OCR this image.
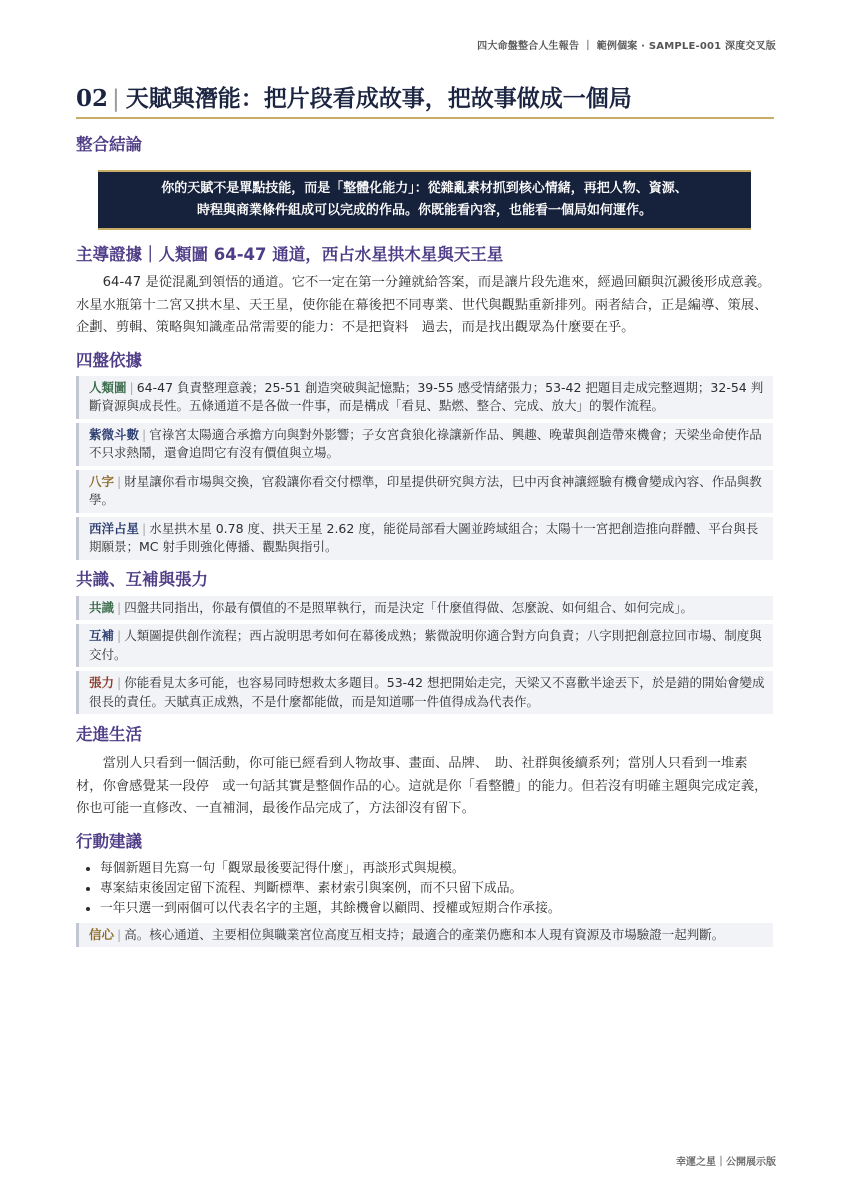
四大命盤整合人生報告 ｜ 範例個案 · SAMPLE-001 深度交叉版
02 | 天賦與潛能：把片段看成故事，把故事做成一個局
整合結論
你的天賦不是單點技能，而是「整體化能力」：從雜亂素材抓到核心情緒，再把人物、資源、
時程與商業條件組成可以完成的作品。你既能看內容，也能看一個局如何運作。
主導證據｜人類圖 64-47 通道，西占水星拱木星與天王星

64-47 是從混亂到領悟的通道。它不一定在第一分鐘就給答案，而是讓片段先進來，經過回顧與沉澱後形成意義。水星水瓶第十二宮又拱木星、天王星，使你能在幕後把不同專業、世代與觀點重新排列。兩者結合，正是編導、策展、企劃、剪輯、策略與知識產品常需要的能力：不是把資料　過去，而是找出觀眾為什麼要在乎。

四盤依據
人類圖 | 64-47 負責整理意義；25-51 創造突破與記憶點；39-55 感受情緒張力；53-42 把題目走成完整週期；32-54 判斷資源與成長性。五條通道不是各做一件事，而是構成「看見、點燃、整合、完成、放大」的製作流程。
紫微斗數 | 官祿宮太陽適合承擔方向與對外影響；子女宮貪狼化祿讓新作品、興趣、晚輩與創造帶來機會；天梁坐命使作品不只求熱鬧，還會追問它有沒有價值與立場。
八字 | 財星讓你看市場與交換，官殺讓你看交付標準，印星提供研究與方法，巳中丙食神讓經驗有機會變成內容、作品與教學。
西洋占星 | 水星拱木星 0.78 度、拱天王星 2.62 度，能從局部看大圖並跨域組合；太陽十一宮把創造推向群體、平台與長期願景；MC 射手則強化傳播、觀點與指引。
共識、互補與張力
共識 | 四盤共同指出，你最有價值的不是照單執行，而是決定「什麼值得做、怎麼說、如何組合、如何完成」。
互補 | 人類圖提供創作流程；西占說明思考如何在幕後成熟；紫微說明你適合對方向負責；八字則把創意拉回市場、制度與交付。
張力 | 你能看見太多可能，也容易同時想救太多題目。53-42 想把開始走完，天梁又不喜歡半途丟下，於是錯的開始會變成很長的責任。天賦真正成熟，不是什麼都能做，而是知道哪一件值得成為代表作。
走進生活

當別人只看到一個活動，你可能已經看到人物故事、畫面、品牌、　助、社群與後續系列；當別人只看到一堆素材，你會感覺某一段停　或一句話其實是整個作品的心。這就是你「看整體」的能力。但若沒有明確主題與完成定義，你也可能一直修改、一直補洞，最後作品完成了，方法卻沒有留下。

行動建議
• 每個新題目先寫一句「觀眾最後要記得什麼」，再談形式與規模。
• 專案結束後固定留下流程、判斷標準、素材索引與案例，而不只留下成品。
• 一年只選一到兩個可以代表名字的主題，其餘機會以顧問、授權或短期合作承接。
信心 | 高。核心通道、主要相位與職業宮位高度互相支持；最適合的產業仍應和本人現有資源及市場驗證一起判斷。
幸運之星｜公開展示版
